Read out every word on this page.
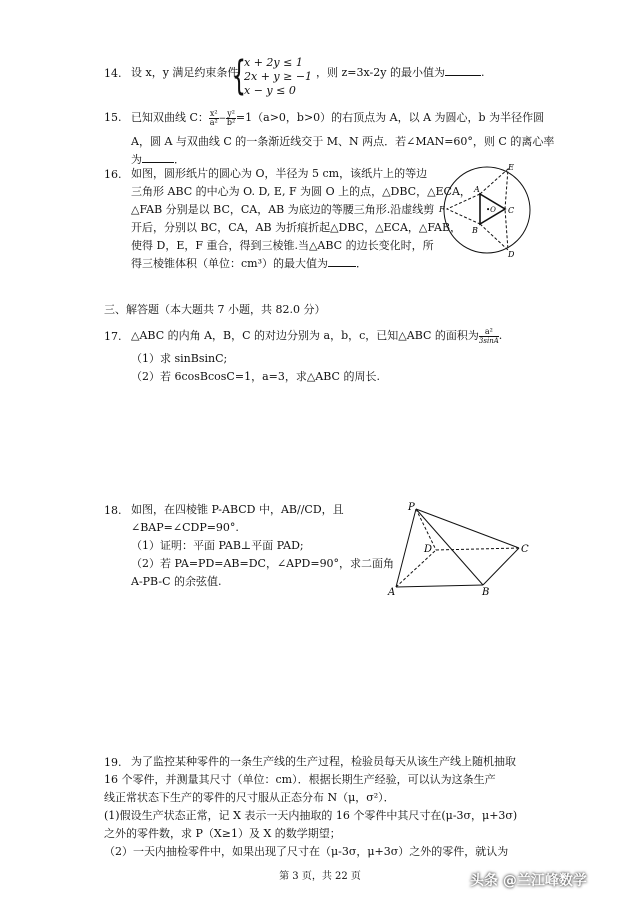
14. 设 x，y 满足约束条件
{
x + 2y ≤ 1
2x + y ≥ −1
x − y ≤ 0
，则 z=3x-2y 的最小值为	.
15. 已知双曲线 C： $\frac{\text{x²}}{\text{a²}} - \frac{\text{y²}}{\text{b²}} =1(a>0$，b>0）的右顶点为 A，以 A 为圆心，b 为半径作圆
A，圆 A 与双曲线 C 的一条渐近线交于 M、N 两点．若∠MAN=60°，则 C 的离心率
为	．
16. 如图，圆形纸片的圆心为 O，半径为 5 cm，该纸片上的等边
三角形 ABC 的中心为 O. D, E, F 为圆 O 上的点，△DBC，△ECA，
△FAB 分别是以 BC，CA，AB 为底边的等腰三角形.沿虚线剪
开后，分别以 BC，CA，AB 为折痕折起△DBC，△ECA，△FAB，
使得 D，E，F 重合，得到三棱锥.当△ABC 的边长变化时，所
得三棱锥体积（单位：cm³）的最大值为	．
E
F
D
A
B
C
•O
三、解答题（本大题共 7 小题，共 82.0 分）
17. △ABC 的内角 A，B，C 的对边分别为 a，b，c，已知△ABC 的面积为 $\frac{\text{a²}}{3\sin A}$ .
（1）求 sinBsinC;
（2）若 6cosBcosC=1，a=3，求△ABC 的周长.
18. 如图，在四棱锥 P-ABCD 中，AB//CD，且
∠BAP=∠CDP=90°.
（1）证明：平面 PAB⊥平面 PAD;
（2）若 PA=PD=AB=DC，∠APD=90°，求二面角
A-PB-C 的余弦值.
P
D	C
A	B
19. 为了监控某种零件的一条生产线的生产过程，检验员每天从该生产线上随机抽取
16 个零件，并测量其尺寸（单位：cm）．根据长期生产经验，可以认为这条生产
线正常状态下生产的零件的尺寸服从正态分布 N（μ，σ²）．
(1)假设生产状态正常，记 X 表示一天内抽取的 16 个零件中其尺寸在(μ-3σ，μ+3σ)
之外的零件数，求 P（X≥1）及 X 的数学期望；
（2）一天内抽检零件中，如果出现了尺寸在（μ-3σ，μ+3σ）之外的零件，就认为
第 3 页，共 22 页	头条 @兰江峰数学
